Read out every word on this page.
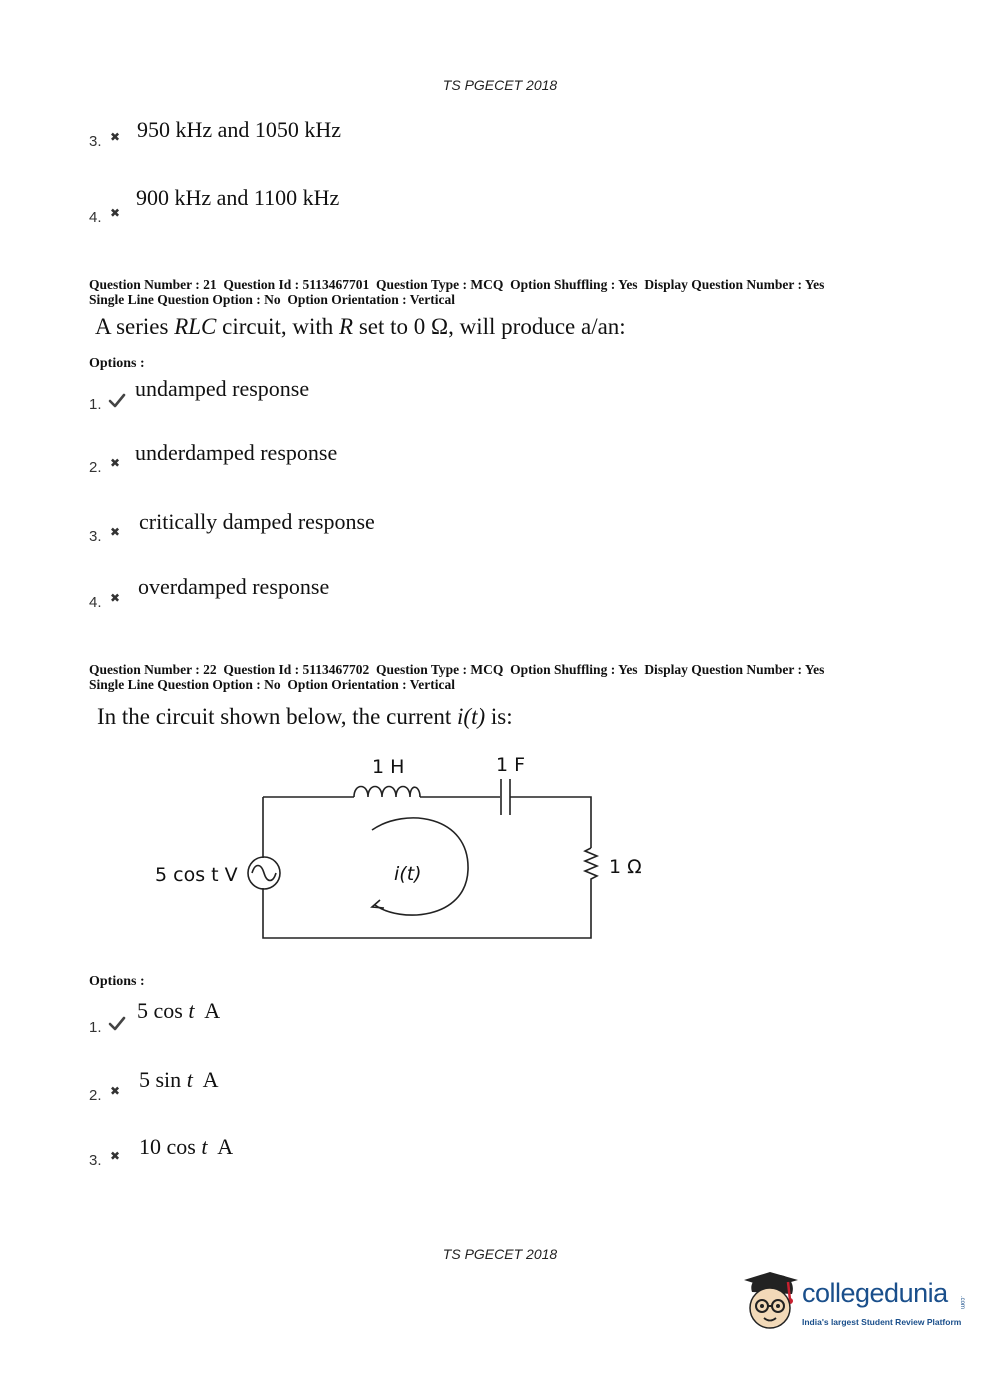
TS PGECET 2018
3. ✖ 950 kHz and 1050 kHz
4. ✖
900 kHz and 1100 kHz
Question Number : 21  Question Id : 5113467701  Question Type : MCQ  Option Shuffling : Yes  Display Question Number : Yes
Single Line Question Option : No  Option Orientation : Vertical
A series RLC circuit, with R set to 0 Ω, will produce a/an:
Options :
1.
undamped response
2. ✖ underdamped response
3. ✖ critically damped response
4. ✖ overdamped response
Question Number : 22  Question Id : 5113467702  Question Type : MCQ  Option Shuffling : Yes  Display Question Number : Yes
Single Line Question Option : No  Option Orientation : Vertical
In the circuit shown below, the current i(t) is:
1 H	1 F
1 Ω
5 cos t V	i(t)
Options :
1.
5 cos t  A
2. ✖ 5 sin t  A
3. ✖ 10 cos t  A
TS PGECET 2018
collegedunia .com
India's largest Student Review Platform
